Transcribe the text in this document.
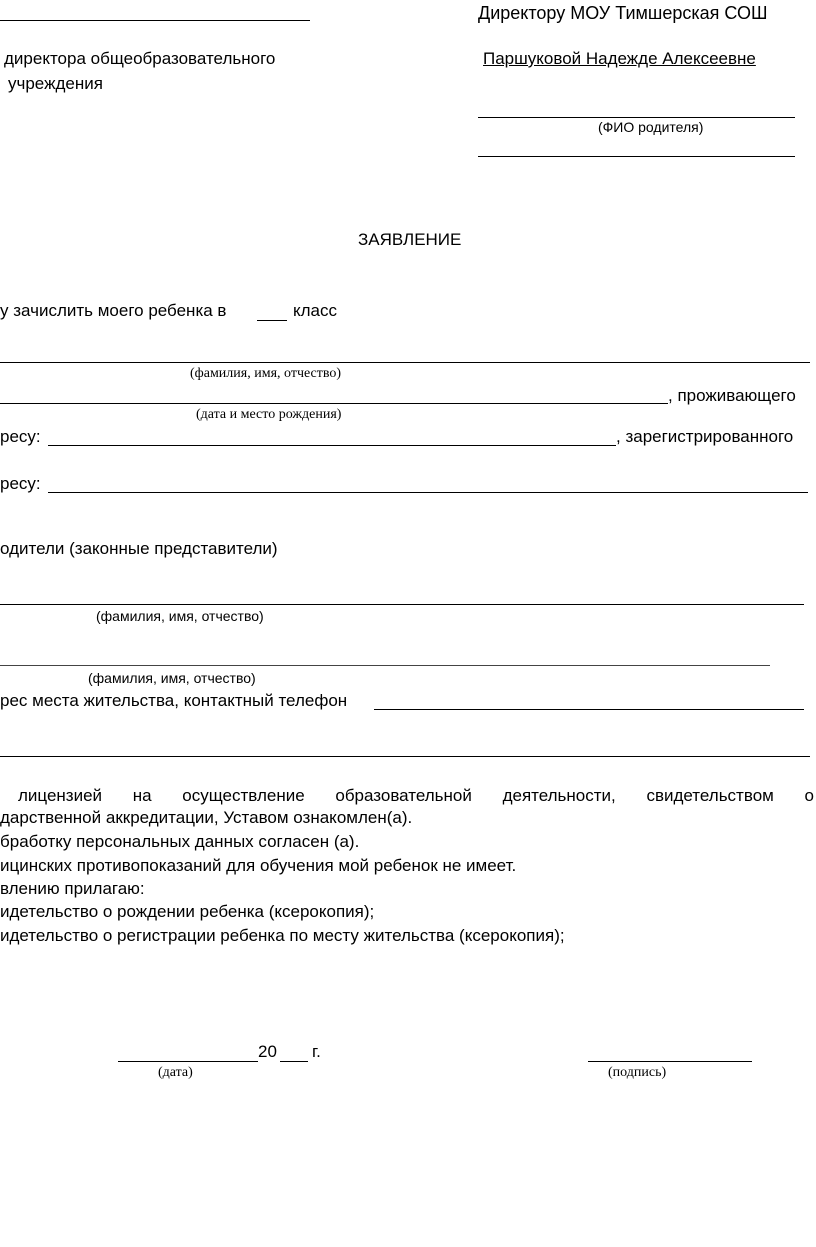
Директору МОУ Тимшерская СОШ
директора общеобразовательного
учреждения
Паршуковой Надежде Алексеевне
(ФИО родителя)
ЗАЯВЛЕНИЕ
у зачислить моего ребенка в	класс
(фамилия, имя, отчество)
, проживающего
(дата и место рождения)
ресу:	, зарегистрированного
ресу:
одители (законные представители)
(фамилия, имя, отчество)
(фамилия, имя, отчество)
рес места жительства, контактный телефон
лицензией на осуществление образовательной деятельности, свидетельством о
дарственной аккредитации, Уставом ознакомлен(а).
бработку персональных данных согласен (а).
ицинских противопоказаний для обучения мой ребенок не имеет.
влению прилагаю:
идетельство о рождении ребенка (ксерокопия);
идетельство о регистрации ребенка по месту жительства (ксерокопия);
20 г.
(дата)	(подпись)
